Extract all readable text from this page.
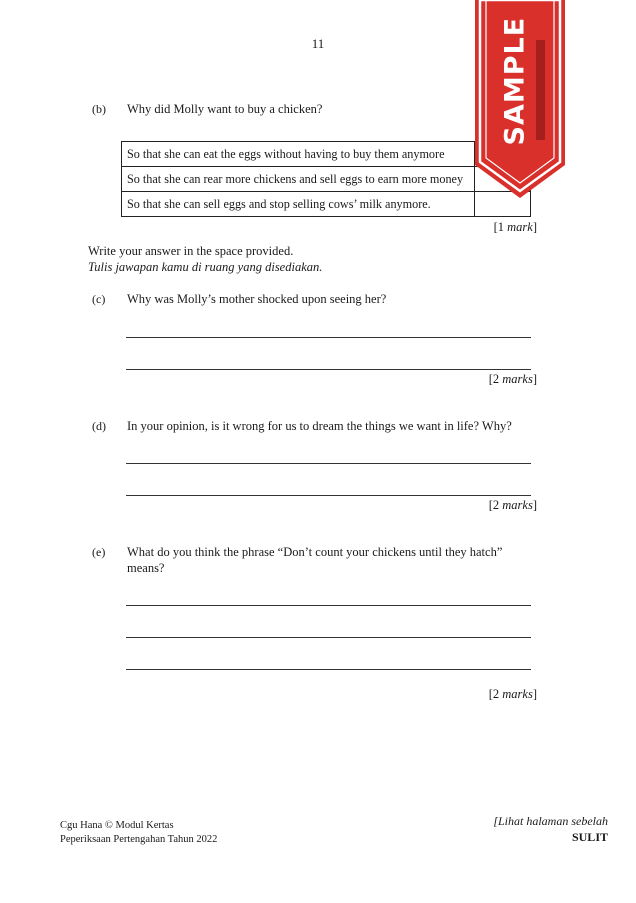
11
(b) Why did Molly want to buy a chicken?
So that she can eat the eggs without having to buy them anymore	
So that she can rear more chickens and sell eggs to earn more money	
So that she can sell eggs and stop selling cows’ milk anymore.	
[1 mark]
Write your answer in the space provided.
Tulis jawapan kamu di ruang yang disediakan.
(c) Why was Molly’s mother shocked upon seeing her?
[2 marks]
(d) In your opinion, is it wrong for us to dream the things we want in life? Why?
[2 marks]
(e) What do you think the phrase “Don’t count your chickens until they hatch”
means?
[2 marks]
Cgu Hana © Modul Kertas
Peperiksaan Pertengahan Tahun 2022
[Lihat halaman sebelah
SULIT
SAMPLE
